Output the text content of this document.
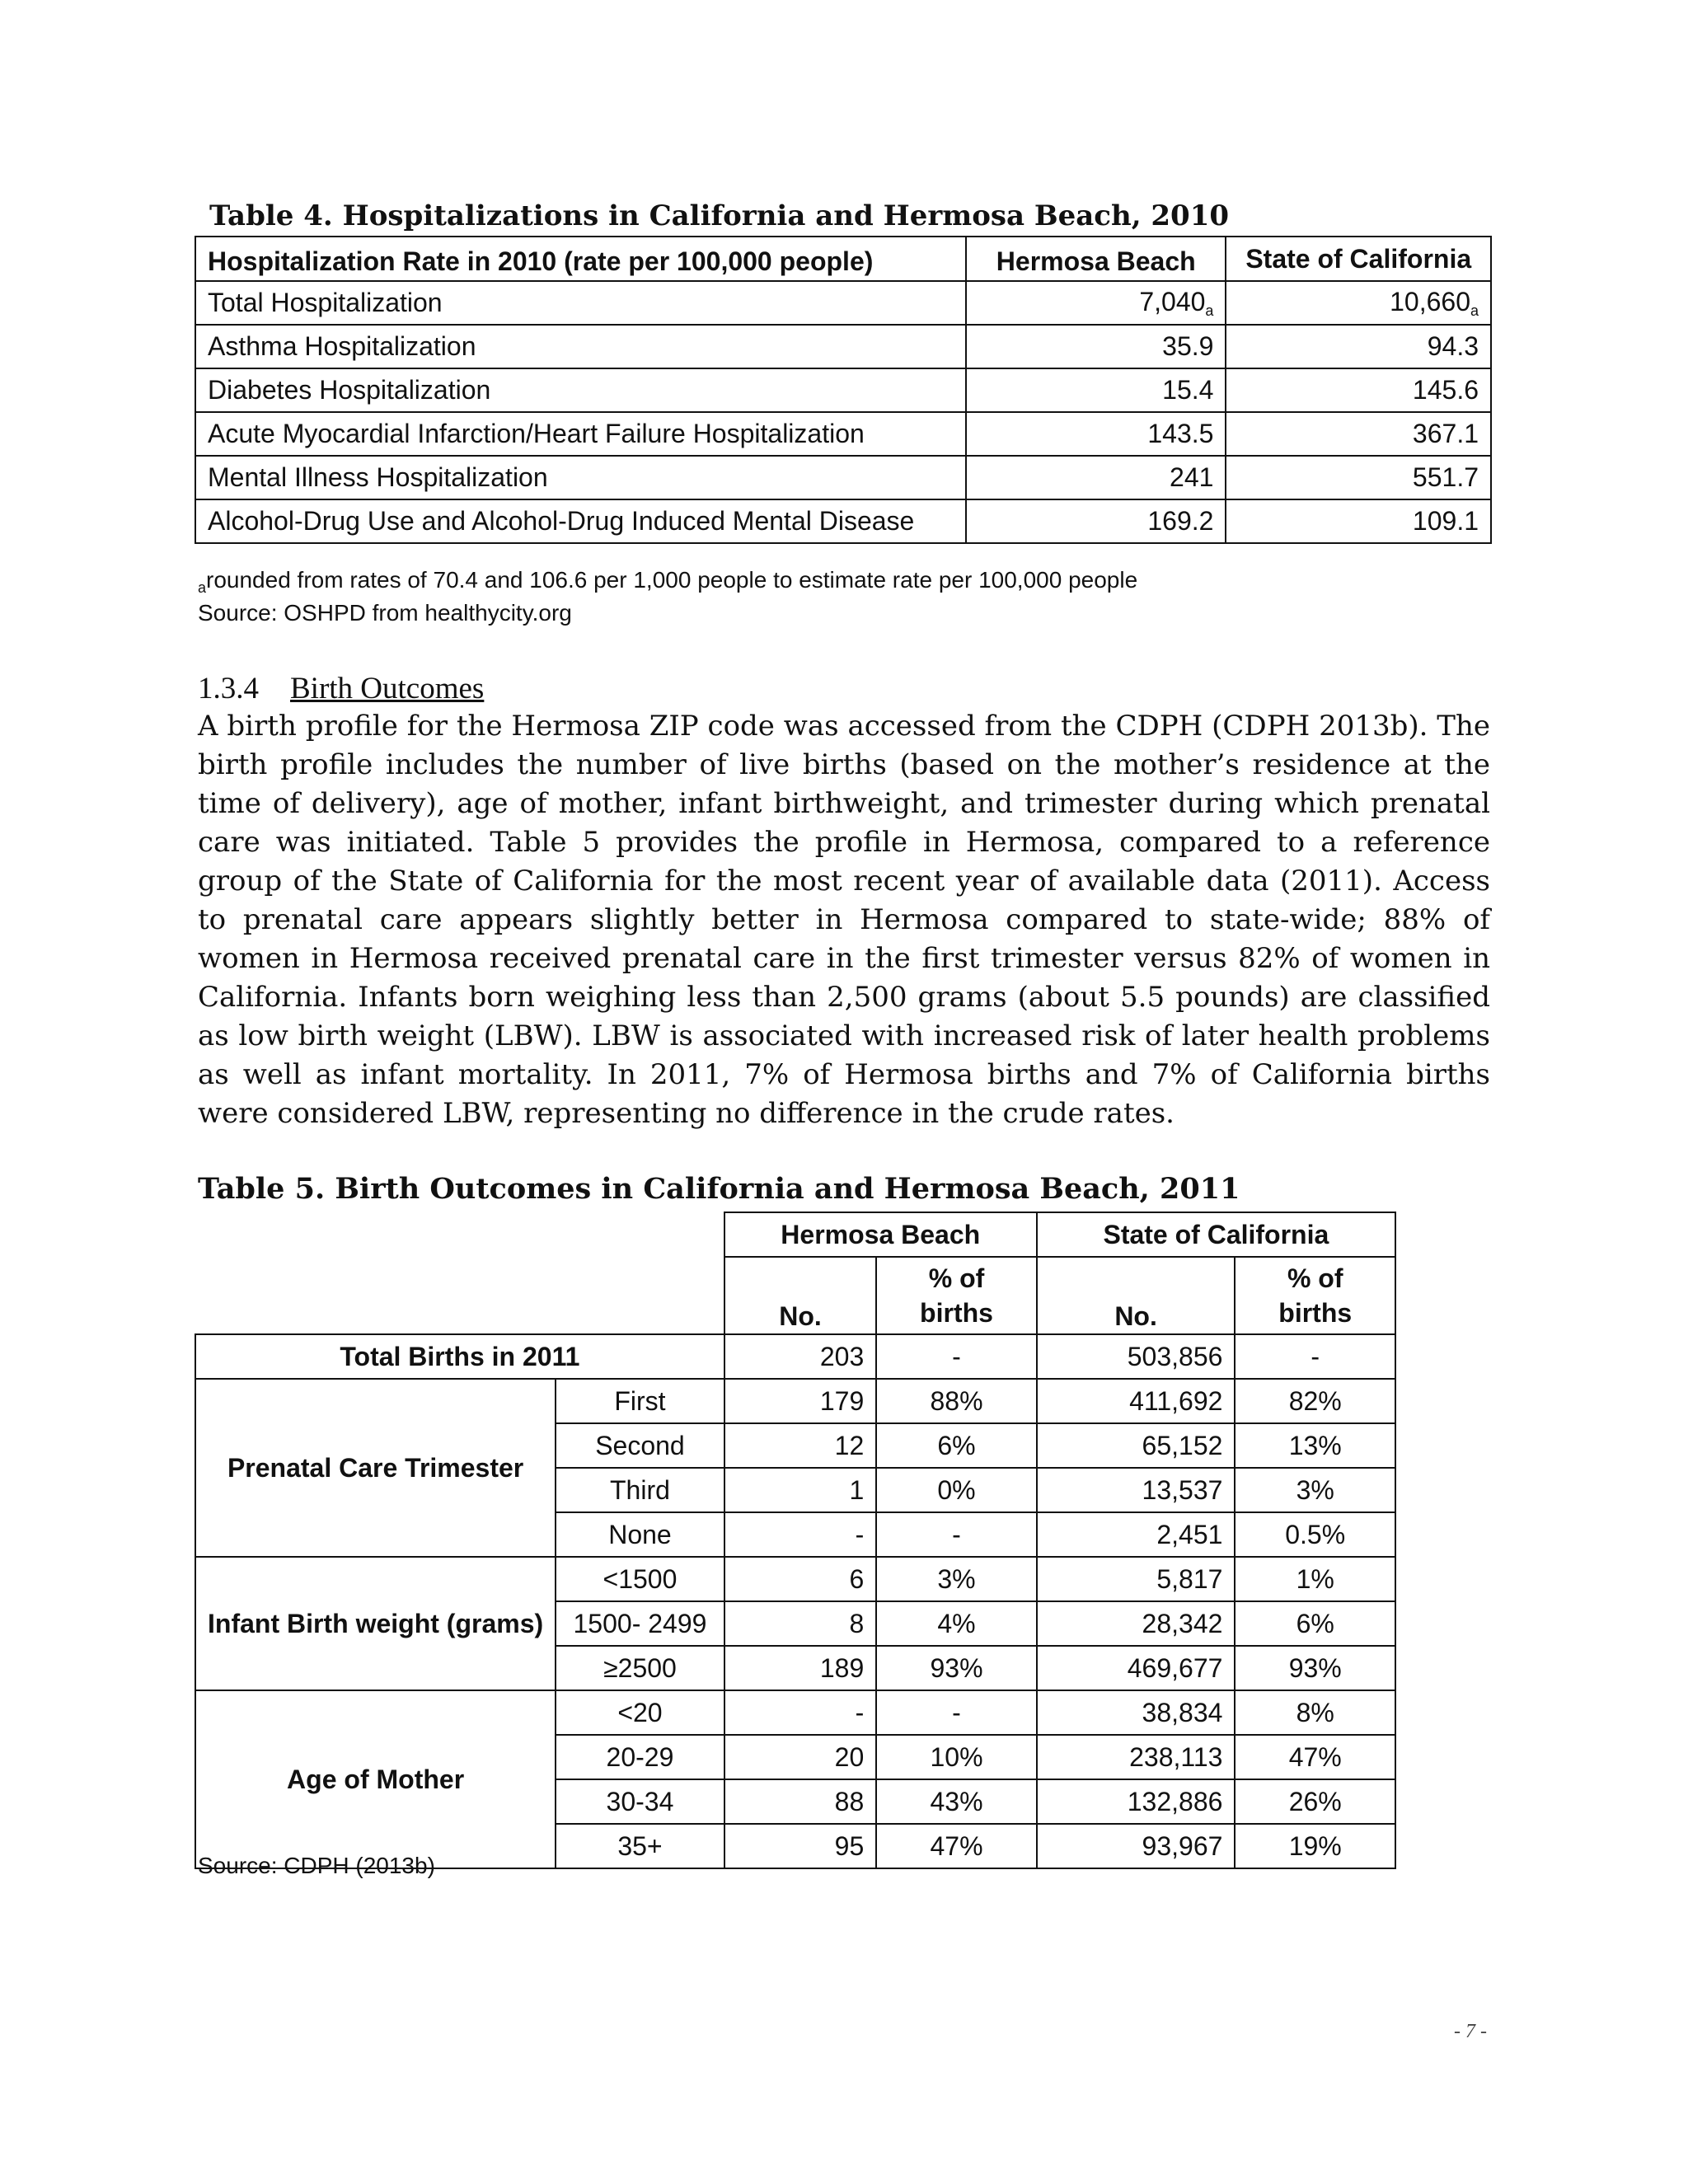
Table 4. Hospitalizations in California and Hermosa Beach, 2010
Hospitalization Rate in 2010 (rate per 100,000 people)	Hermosa Beach	State of California
Total Hospitalization	$7,040_a$	$10,660_a$
Asthma Hospitalization	35.9	94.3
Diabetes Hospitalization	15.4	145.6
Acute Myocardial Infarction/Heart Failure Hospitalization	143.5	367.1
Mental Illness Hospitalization	241	551.7
Alcohol-Drug Use and Alcohol-Drug Induced Mental Disease	169.2	109.1
$_a$rounded from rates of 70.4 and 106.6 per 1,000 people to estimate rate per 100,000 people
Source: OSHPD from healthycity.org
1.3.4 Birth Outcomes

A birth profile for the Hermosa ZIP code was accessed from the CDPH (CDPH 2013b). The birth profile includes the number of live births (based on the mother’s residence at the time of delivery), age of mother, infant birthweight, and trimester during which prenatal care was initiated. Table 5 provides the profile in Hermosa, compared to a reference group of the State of California for the most recent year of available data (2011). Access to prenatal care appears slightly better in Hermosa compared to state-wide; 88% of women in Hermosa received prenatal care in the first trimester versus 82% of women in California. Infants born weighing less than 2,500 grams (about 5.5 pounds) are classified as low birth weight (LBW). LBW is associated with increased risk of later health problems as well as infant mortality. In 2011, 7% of Hermosa births and 7% of California births were considered LBW, representing no difference in the crude rates.

Table 5. Birth Outcomes in California and Hermosa Beach, 2011
		Hermosa Beach		State of California	
		No.	% of births	No.	% of births
Total Births in 2011		203	-	503,856	-
Prenatal Care Trimester	First	179	88%	411,692	82%
	Second	12	6%	65,152	13%
	Third	1	0%	13,537	3%
	None	-	-	2,451	0.5%
Infant Birth weight (grams)	<1500	6	3%	5,817	1%
	1500- 2499	8	4%	28,342	6%
	≥2500	189	93%	469,677	93%
Age of Mother	<20	-	-	38,834	8%
	20-29	20	10%	238,113	47%
	30-34	88	43%	132,886	26%
	35+	95	47%	93,967	19%
Source: CDPH (2013b)
- 7 -
